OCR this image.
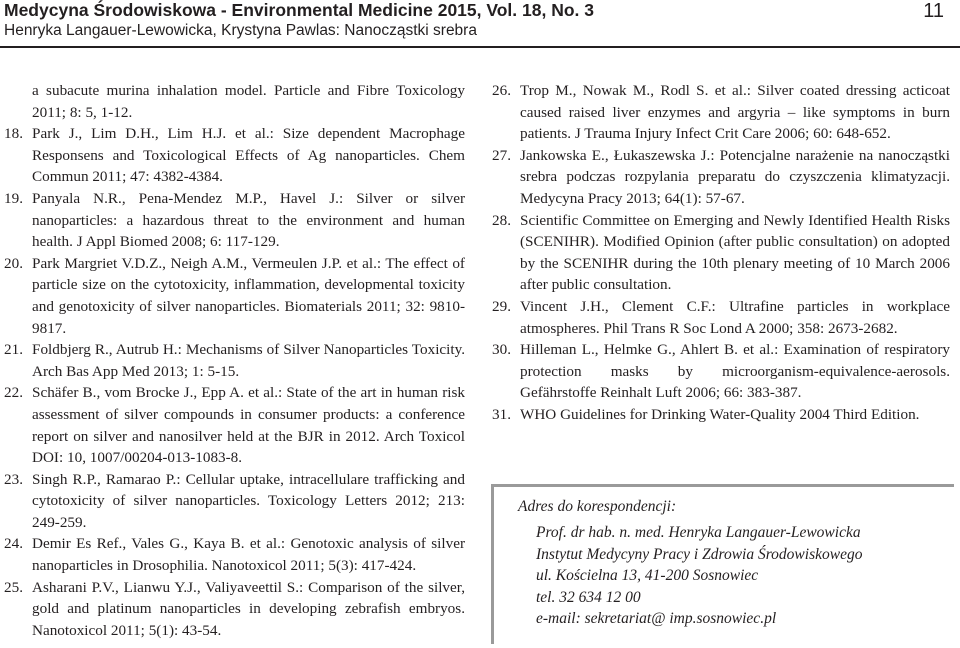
Medycyna Środowiskowa - Environmental Medicine 2015, Vol. 18, No. 3
Henryka Langauer-Lewowicka, Krystyna Pawlas: Nanocząstki srebra
11
a subacute murina inhalation model. Particle and Fibre Toxicology 2011; 8: 5, 1-12.
18. Park J., Lim D.H., Lim H.J. et al.: Size dependent Macrophage Responsens and Toxicological Effects of Ag nanoparticles. Chem Commun 2011; 47: 4382-4384.
19. Panyala N.R., Pena-Mendez M.P., Havel J.: Silver or silver nanoparticles: a hazardous threat to the environment and human health. J Appl Biomed 2008; 6: 117-129.
20. Park Margriet V.D.Z., Neigh A.M., Vermeulen J.P. et al.: The effect of particle size on the cytotoxicity, inflammation, developmental toxicity and genotoxicity of silver nanoparticles. Biomaterials 2011; 32: 9810-9817.
21. Foldbjerg R., Autrub H.: Mechanisms of Silver Nanoparticles Toxicity. Arch Bas App Med 2013; 1: 5-15.
22. Schäfer B., vom Brocke J., Epp A. et al.: State of the art in human risk assessment of silver compounds in consumer products: a conference report on silver and nanosilver held at the BJR in 2012. Arch Toxicol DOI: 10, 1007/00204-013-1083-8.
23. Singh R.P., Ramarao P.: Cellular uptake, intracellulare trafficking and cytotoxicity of silver nanoparticles. Toxicology Letters 2012; 213: 249-259.
24. Demir Es Ref., Vales G., Kaya B. et al.: Genotoxic analysis of silver nanoparticles in Drosophilia. Nanotoxicol 2011; 5(3): 417-424.
25. Asharani P.V., Lianwu Y.J., Valiyaveettil S.: Comparison of the silver, gold and platinum nanoparticles in developing zebrafish embryos. Nanotoxicol 2011; 5(1): 43-54.
26. Trop M., Nowak M., Rodl S. et al.: Silver coated dressing acticoat caused raised liver enzymes and argyria – like symptoms in burn patients. J Trauma Injury Infect Crit Care 2006; 60: 648-652.
27. Jankowska E., Łukaszewska J.: Potencjalne narażenie na nanocząstki srebra podczas rozpylania preparatu do czyszczenia klimatyzacji. Medycyna Pracy 2013; 64(1): 57-67.
28. Scientific Committee on Emerging and Newly Identified Health Risks (SCENIHR). Modified Opinion (after public consultation) on adopted by the SCENIHR during the 10th plenary meeting of 10 March 2006 after public consultation.
29. Vincent J.H., Clement C.F.: Ultrafine particles in workplace atmospheres. Phil Trans R Soc Lond A 2000; 358: 2673-2682.
30. Hilleman L., Helmke G., Ahlert B. et al.: Examination of respiratory protection masks by microorganism-equivalence-aerosols. Gefährstoffe Reinhalt Luft 2006; 66: 383-387.
31. WHO Guidelines for Drinking Water-Quality 2004 Third Edition.
Adres do korespondencji:
Prof. dr hab. n. med. Henryka Langauer-Lewowicka
Instytut Medycyny Pracy i Zdrowia Środowiskowego
ul. Kościelna 13, 41-200 Sosnowiec
tel. 32 634 12 00
e-mail: sekretariat@ imp.sosnowiec.pl
